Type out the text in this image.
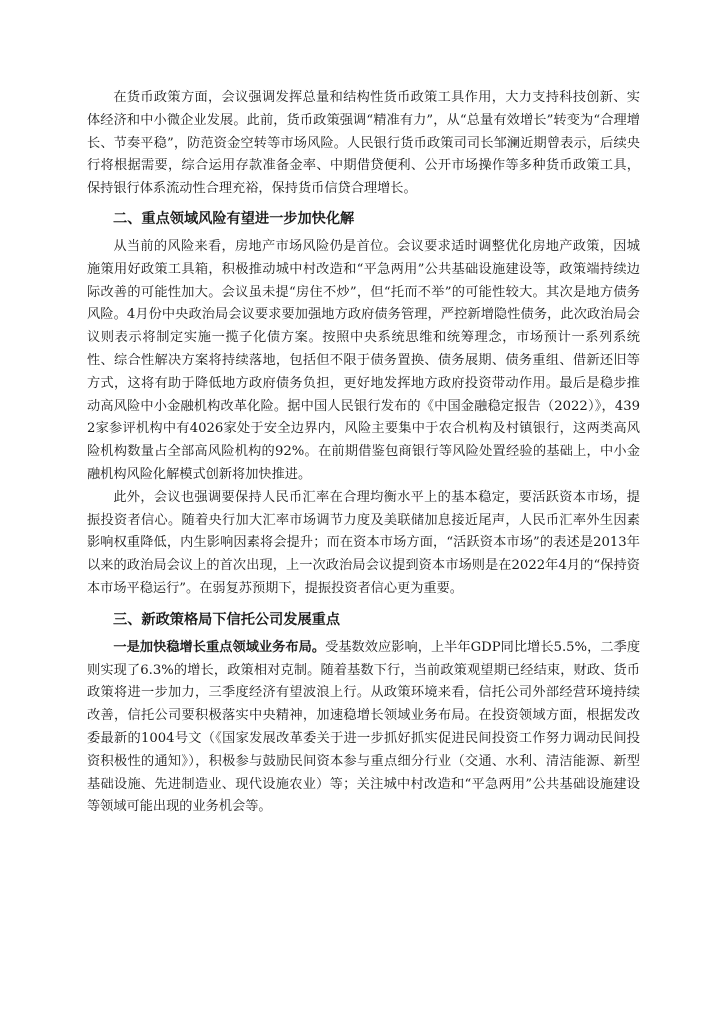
在货币政策方面，会议强调发挥总量和结构性货币政策工具作用，大力支持科技创新、实体经济和中小微企业发展。此前，货币政策强调“精准有力”，从“总量有效增长”转变为“合理增长、节奏平稳”，防范资金空转等市场风险。人民银行货币政策司司长邹澜近期曾表示，后续央行将根据需要，综合运用存款准备金率、中期借贷便利、公开市场操作等多种货币政策工具，保持银行体系流动性合理充裕，保持货币信贷合理增长。

二、重点领域风险有望进一步加快化解

从当前的风险来看，房地产市场风险仍是首位。会议要求适时调整优化房地产政策，因城施策用好政策工具箱，积极推动城中村改造和“平急两用”公共基础设施建设等，政策端持续边际改善的可能性加大。会议虽未提“房住不炒”，但“托而不举”的可能性较大。其次是地方债务风险。4月份中央政治局会议要求要加强地方政府债务管理，严控新增隐性债务，此次政治局会议则表示将制定实施一揽子化债方案。按照中央系统思维和统筹理念，市场预计一系列系统性、综合性解决方案将持续落地，包括但不限于债务置换、债务展期、债务重组、借新还旧等方式，这将有助于降低地方政府债务负担，更好地发挥地方政府投资带动作用。最后是稳步推动高风险中小金融机构改革化险。据中国人民银行发布的《中国金融稳定报告（2022）》，4392家参评机构中有4026家处于安全边界内，风险主要集中于农合机构及村镇银行，这两类高风险机构数量占全部高风险机构的92%。在前期借鉴包商银行等风险处置经验的基础上，中小金融机构风险化解模式创新将加快推进。

此外，会议也强调要保持人民币汇率在合理均衡水平上的基本稳定，要活跃资本市场，提振投资者信心。随着央行加大汇率市场调节力度及美联储加息接近尾声，人民币汇率外生因素影响权重降低，内生影响因素将会提升；而在资本市场方面，“活跃资本市场”的表述是2013年以来的政治局会议上的首次出现，上一次政治局会议提到资本市场则是在2022年4月的“保持资本市场平稳运行”。在弱复苏预期下，提振投资者信心更为重要。

三、新政策格局下信托公司发展重点

一是加快稳增长重点领域业务布局。受基数效应影响，上半年GDP同比增长5.5%，二季度则实现了6.3%的增长，政策相对克制。随着基数下行，当前政策观望期已经结束，财政、货币政策将进一步加力，三季度经济有望波浪上行。从政策环境来看，信托公司外部经营环境持续改善，信托公司要积极落实中央精神，加速稳增长领域业务布局。在投资领域方面，根据发改委最新的1004号文（《国家发展改革委关于进一步抓好抓实促进民间投资工作努力调动民间投资积极性的通知》），积极参与鼓励民间资本参与重点细分行业（交通、水利、清洁能源、新型基础设施、先进制造业、现代设施农业）等；关注城中村改造和“平急两用”公共基础设施建设等领域可能出现的业务机会等。
